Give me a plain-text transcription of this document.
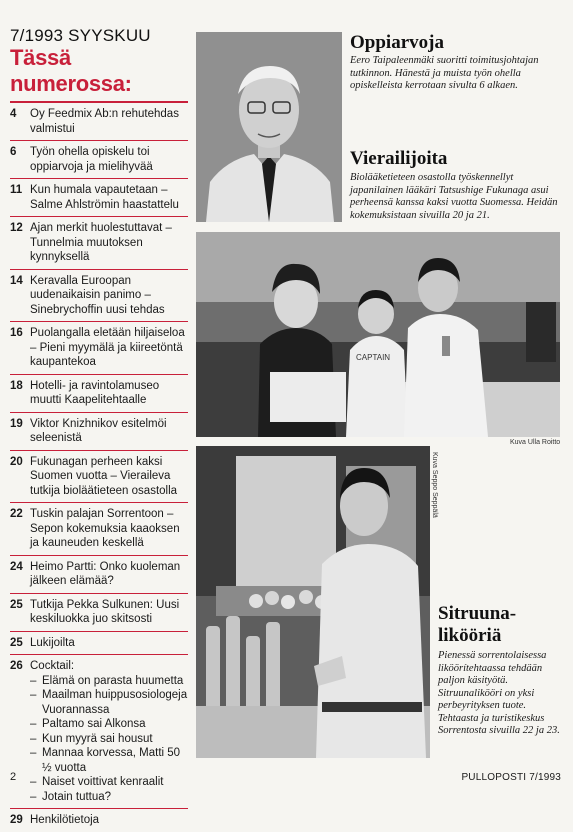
7/1993 SYYSKUU
Tässä numerossa:
4	Oy Feedmix Ab:n rehutehdas valmistui
6	Työn ohella opiskelu toi oppiarvoja ja mielihyvää
11 Kun humala vapautetaan – Salme Ahlströmin haastattelu
12 Ajan merkit huolestuttavat – Tunnelmia muutoksen kynnyksellä
14 Keravalla Euroopan uudenaikaisin panimo – Sinebrychoffin uusi tehdas
16 Puolangalla eletään hiljaiseloa – Pieni myymälä ja kiireetöntä kaupantekoa
18 Hotelli- ja ravintolamuseo muutti Kaapelitehtaalle
19 Viktor Knizhnikov esitelmöi seleenistä
20 Fukunagan perheen kaksi Suomen vuotta – Vieraileva tutkija bioläätieteen osastolla
22 Tuskin palajan Sorrentoon – Sepon kokemuksia kaaoksen ja kauneuden keskellä
24 Heimo Partti: Onko kuoleman jälkeen elämää?
25 Tutkija Pekka Sulkunen: Uusi keskiluokka juo skitsosti
25 Lukijoilta
26 Cocktail:
– Elämä on parasta huumetta
– Maailman huippusosiologeja Vuorannassa
– Paltamo sai Alkonsa
– Kun myyrä sai housut
– Mannaa korvessa, Matti 50 ½ vuotta
– Naiset voittivat kenraalit
– Jotain tuttua?
29 Henkilötietoja
Oppiarvoja
Eero Taipaleenmäki suoritti toimitusjohtajan tutkinnon. Hänestä ja muista työn ohella opiskelleista kerrotaan sivulta 6 alkaen.
Vierailijoita
Biolääketieteen osastolla työskennellyt japanilainen lääkäri Tatsushige Fukunaga asui perheensä kanssa kaksi vuotta Suomessa. Heidän kokemuksistaan sivuilla 20 ja 21.
CAPTAIN
Kuva Ulla Roitto
Kuva Seppo Seppälä
Sitruuna-
likööriä
Pienessä sorrentolaisessa liköörítehtaassa tehdään paljon käsityötä. Sitruunalikööri on yksi perbeyrityksen tuote. Tehtaasta ja turistikeskus Sorrentosta sivuilla 22 ja 23.
2	PULLOPOSTI 7/1993
